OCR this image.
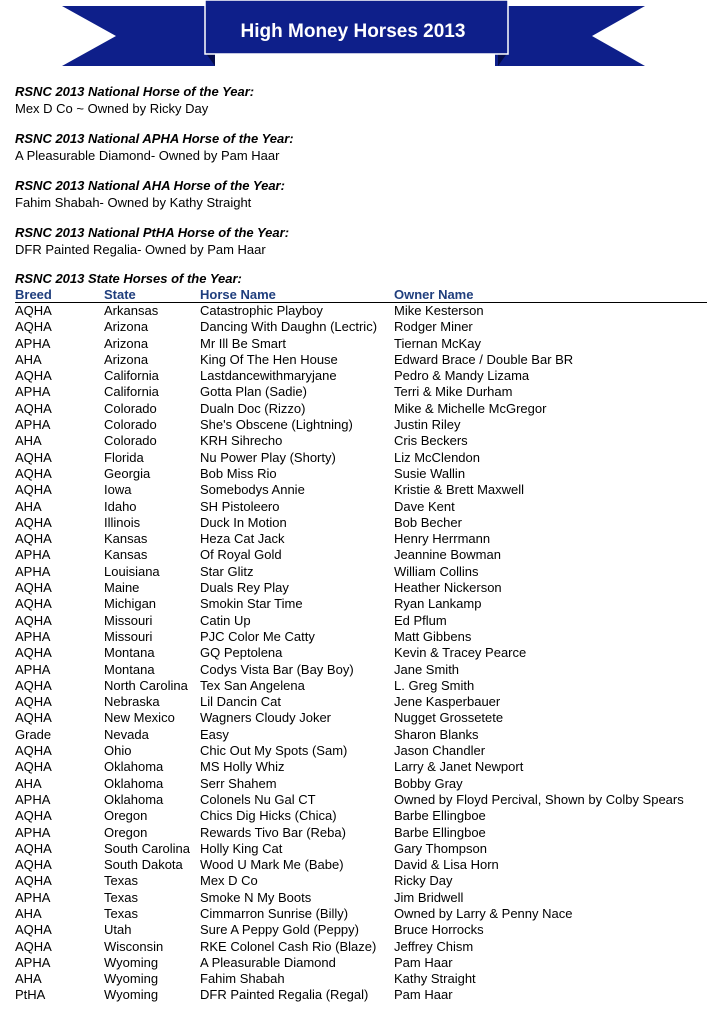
High Money Horses 2013
RSNC 2013 National Horse of the Year:
Mex D Co ~ Owned by Ricky Day
RSNC 2013 National APHA Horse of the Year:
A Pleasurable Diamond- Owned by Pam Haar
RSNC 2013 National AHA Horse of the Year:
Fahim Shabah- Owned by Kathy Straight
RSNC 2013 National PtHA Horse of the Year:
DFR Painted Regalia- Owned by Pam Haar
RSNC 2013 State Horses of the Year:
Breed	State	Horse Name	Owner Name
AQHA	Arkansas	Catastrophic Playboy	Mike Kesterson
AQHA	Arizona	Dancing With Daughn (Lectric)	Rodger Miner
APHA	Arizona	Mr Ill Be Smart	Tiernan McKay
AHA	Arizona	King Of The Hen House	Edward Brace / Double Bar BR
AQHA	California	Lastdancewithmaryjane	Pedro & Mandy Lizama
APHA	California	Gotta Plan (Sadie)	Terri & Mike Durham
AQHA	Colorado	Dualn Doc (Rizzo)	Mike & Michelle McGregor
APHA	Colorado	She's Obscene (Lightning)	Justin Riley
AHA	Colorado	KRH Sihrecho	Cris Beckers
AQHA	Florida	Nu Power Play (Shorty)	Liz McClendon
AQHA	Georgia	Bob Miss Rio	Susie Wallin
AQHA	Iowa	Somebodys Annie	Kristie & Brett Maxwell
AHA	Idaho	SH Pistoleero	Dave Kent
AQHA	Illinois	Duck In Motion	Bob Becher
AQHA	Kansas	Heza Cat Jack	Henry Herrmann
APHA	Kansas	Of Royal Gold	Jeannine Bowman
APHA	Louisiana	Star Glitz	William Collins
AQHA	Maine	Duals Rey Play	Heather Nickerson
AQHA	Michigan	Smokin Star Time	Ryan Lankamp
AQHA	Missouri	Catin Up	Ed Pflum
APHA	Missouri	PJC Color Me Catty	Matt Gibbens
AQHA	Montana	GQ Peptolena	Kevin & Tracey Pearce
APHA	Montana	Codys Vista Bar (Bay Boy)	Jane Smith
AQHA	North Carolina	Tex San Angelena	L. Greg Smith
AQHA	Nebraska	Lil Dancin Cat	Jene Kasperbauer
AQHA	New Mexico	Wagners Cloudy Joker	Nugget Grossetete
Grade	Nevada	Easy	Sharon Blanks
AQHA	Ohio	Chic Out My Spots (Sam)	Jason Chandler
AQHA	Oklahoma	MS Holly Whiz	Larry & Janet Newport
AHA	Oklahoma	Serr Shahem	Bobby Gray
APHA	Oklahoma	Colonels Nu Gal CT	Owned by Floyd Percival, Shown by Colby Spears
AQHA	Oregon	Chics Dig Hicks (Chica)	Barbe Ellingboe
APHA	Oregon	Rewards Tivo Bar (Reba)	Barbe Ellingboe
AQHA	South Carolina	Holly King Cat	Gary Thompson
AQHA	South Dakota	Wood U Mark Me (Babe)	David & Lisa Horn
AQHA	Texas	Mex D Co	Ricky Day
APHA	Texas	Smoke N My Boots	Jim Bridwell
AHA	Texas	Cimmarron Sunrise (Billy)	Owned by Larry & Penny Nace
AQHA	Utah	Sure A Peppy Gold (Peppy)	Bruce Horrocks
AQHA	Wisconsin	RKE Colonel Cash Rio (Blaze)	Jeffrey Chism
APHA	Wyoming	A Pleasurable Diamond	Pam Haar
AHA	Wyoming	Fahim Shabah	Kathy Straight
PtHA	Wyoming	DFR Painted Regalia (Regal)	Pam Haar
